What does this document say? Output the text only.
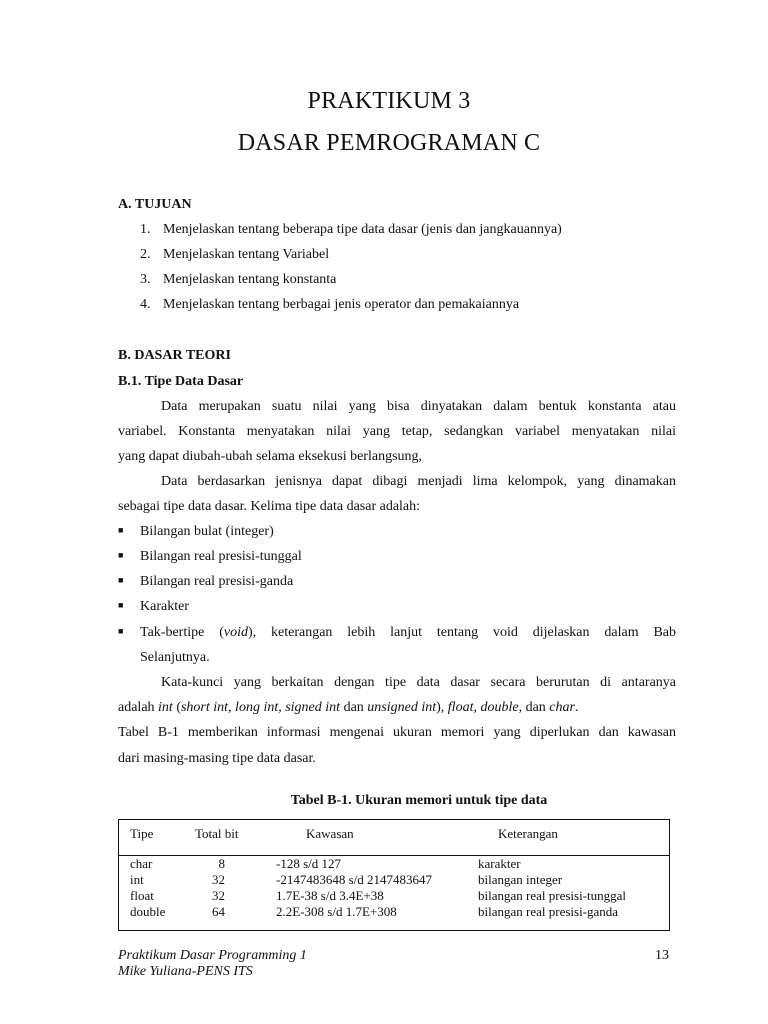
PRAKTIKUM 3
DASAR PEMROGRAMAN C
A. TUJUAN
1. Menjelaskan tentang beberapa tipe data dasar (jenis dan jangkauannya)
2. Menjelaskan tentang Variabel
3. Menjelaskan tentang konstanta
4. Menjelaskan tentang berbagai jenis operator dan pemakaiannya
B. DASAR TEORI
B.1. Tipe Data Dasar
Data merupakan suatu nilai yang bisa dinyatakan dalam bentuk konstanta atau
variabel. Konstanta menyatakan nilai yang tetap, sedangkan variabel menyatakan nilai
yang dapat diubah-ubah selama eksekusi berlangsung,
Data berdasarkan jenisnya dapat dibagi menjadi lima kelompok, yang dinamakan
sebagai tipe data dasar. Kelima tipe data dasar adalah:
■ Bilangan bulat (integer)
■ Bilangan real presisi-tunggal
■ Bilangan real presisi-ganda
■ Karakter
■	Tak-bertipe (void), keterangan lebih lanjut tentang void dijelaskan dalam Bab
Selanjutnya.
Kata-kunci yang berkaitan dengan tipe data dasar secara berurutan di antaranya
adalah int (short int, long int, signed int dan unsigned int), float, double, dan char.
Tabel B-1 memberikan informasi mengenai ukuran memori yang diperlukan dan kawasan
dari masing-masing tipe data dasar.
Tabel B-1. Ukuran memori untuk tipe data
Tipe	Total bit	Kawasan	Keterangan
char	8	-128 s/d 127	karakter
int	32	-2147483648 s/d 2147483647	bilangan integer
float	32	1.7E-38 s/d 3.4E+38	bilangan real presisi-tunggal
double	64	2.2E-308 s/d 1.7E+308	bilangan real presisi-ganda
Praktikum Dasar Programming 1
Mike Yuliana-PENS ITS
13
